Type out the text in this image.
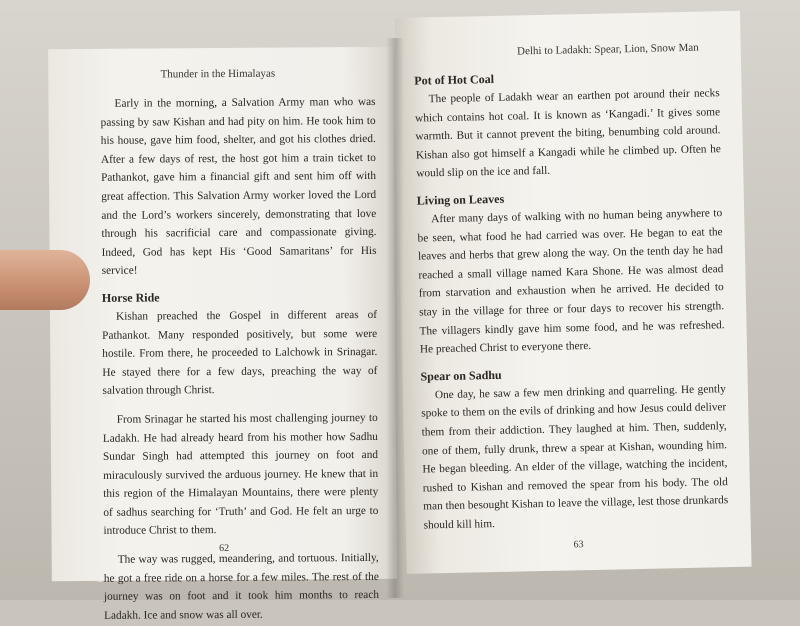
Thunder in the Himalayas

Early in the morning, a Salvation Army man who was passing by saw Kishan and had pity on him. He took him to his house, gave him food, shelter, and got his clothes dried. After a few days of rest, the host got him a train ticket to Pathankot, gave him a financial gift and sent him off with great affection. This Salvation Army worker loved the Lord and the Lord’s workers sincerely, demonstrating that love through his sacrificial care and compassionate giving. Indeed, God has kept His ‘Good Samaritans’ for His service!

Horse Ride

Kishan preached the Gospel in different areas of Pathankot. Many responded positively, but some were hostile. From there, he proceeded to Lalchowk in Srinagar. He stayed there for a few days, preaching the way of salvation through Christ.

From Srinagar he started his most challenging journey to Ladakh. He had already heard from his mother how Sadhu Sundar Singh had attempted this journey on foot and miraculously survived the arduous journey. He knew that in this region of the Himalayan Mountains, there were plenty of sadhus searching for ‘Truth’ and God. He felt an urge to introduce Christ to them.

The way was rugged, meandering, and tortuous. Initially, he got a free ride on a horse for a few miles. The rest of the journey was on foot and it took him months to reach Ladakh. Ice and snow was all over.

62
Delhi to Ladakh: Spear, Lion, Snow Man
Pot of Hot Coal

The people of Ladakh wear an earthen pot around their necks which contains hot coal. It is known as ‘Kangadi.’ It gives some warmth. But it cannot prevent the biting, benumbing cold around. Kishan also got himself a Kangadi while he climbed up. Often he would slip on the ice and fall.

Living on Leaves

After many days of walking with no human being anywhere to be seen, what food he had carried was over. He began to eat the leaves and herbs that grew along the way. On the tenth day he had reached a small village named Kara Shone. He was almost dead from starvation and exhaustion when he arrived. He decided to stay in the village for three or four days to recover his strength. The villagers kindly gave him some food, and he was refreshed. He preached Christ to everyone there.

Spear on Sadhu

One day, he saw a few men drinking and quarreling. He gently spoke to them on the evils of drinking and how Jesus could deliver them from their addiction. They laughed at him. Then, suddenly, one of them, fully drunk, threw a spear at Kishan, wounding him. He began bleeding. An elder of the village, watching the incident, rushed to Kishan and removed the spear from his body. The old man then besought Kishan to leave the village, lest those drunkards should kill him.

63
